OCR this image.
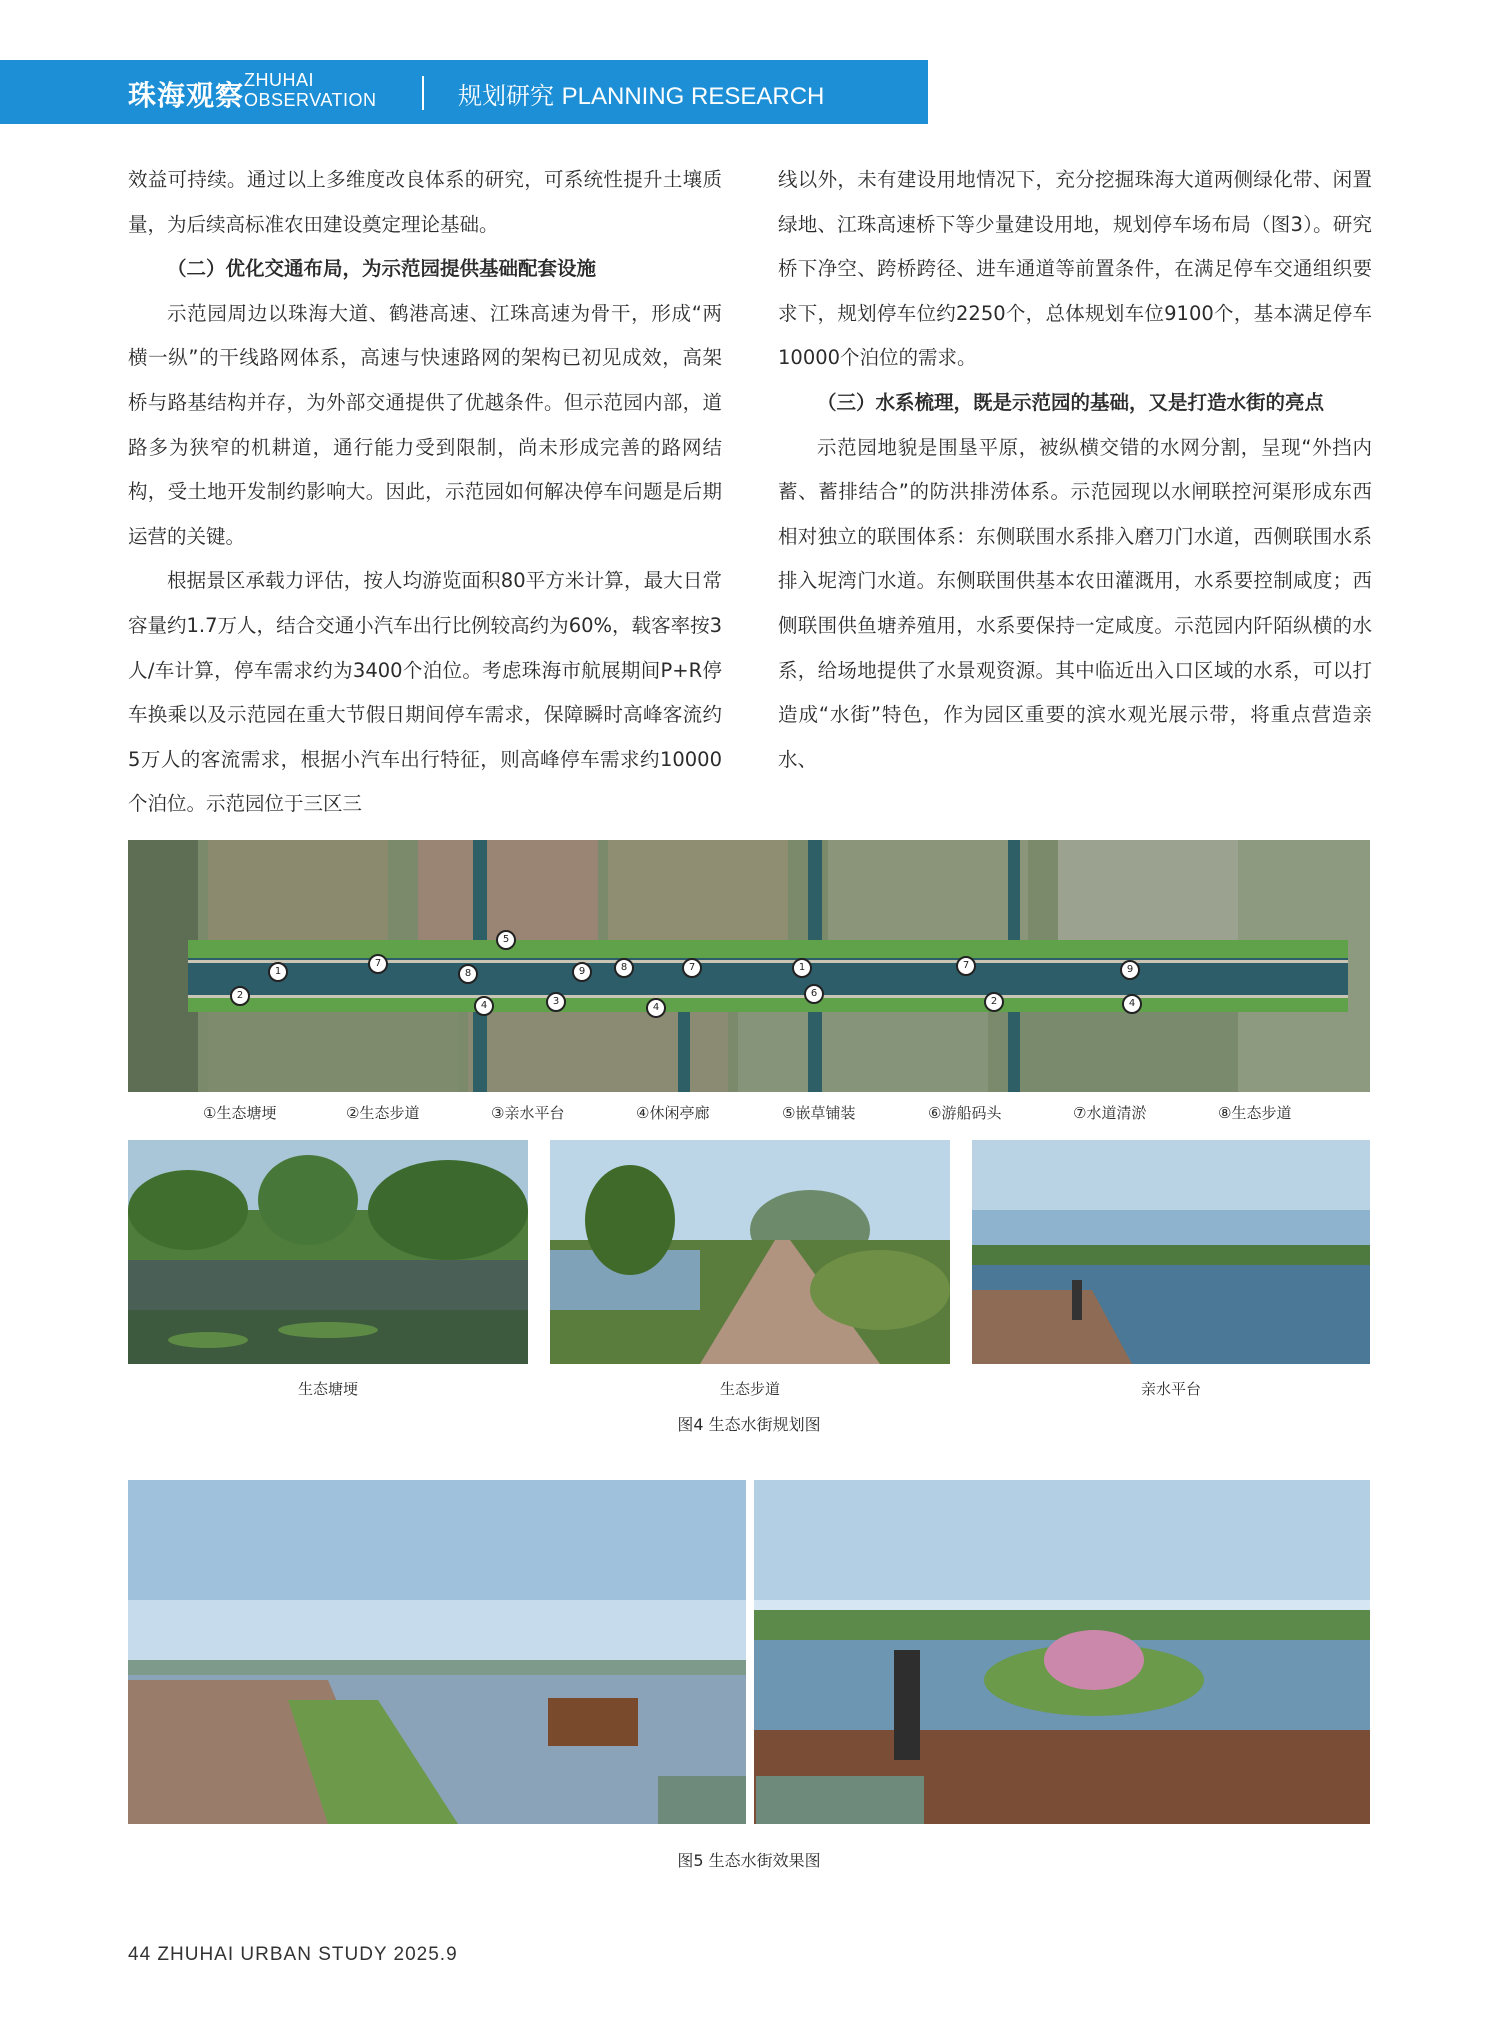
珠海观察 ZHUHAI
OBSERVATION	规划研究 PLANNING RESEARCH

效益可持续。通过以上多维度改良体系的研究，可系统性提升土壤质量，为后续高标准农田建设奠定理论基础。

（二）优化交通布局，为示范园提供基础配套设施

示范园周边以珠海大道、鹤港高速、江珠高速为骨干，形成“两横一纵”的干线路网体系，高速与快速路网的架构已初见成效，高架桥与路基结构并存，为外部交通提供了优越条件。但示范园内部，道路多为狭窄的机耕道，通行能力受到限制，尚未形成完善的路网结构，受土地开发制约影响大。因此，示范园如何解决停车问题是后期运营的关键。

根据景区承载力评估，按人均游览面积80平方米计算，最大日常容量约1.7万人，结合交通小汽车出行比例较高约为60%，载客率按3人/车计算，停车需求约为3400个泊位。考虑珠海市航展期间P+R停车换乘以及示范园在重大节假日期间停车需求，保障瞬时高峰客流约5万人的客流需求，根据小汽车出行特征，则高峰停车需求约10000个泊位。示范园位于三区三

线以外，未有建设用地情况下，充分挖掘珠海大道两侧绿化带、闲置绿地、江珠高速桥下等少量建设用地，规划停车场布局（图3）。研究桥下净空、跨桥跨径、进车通道等前置条件，在满足停车交通组织要求下，规划停车位约2250个，总体规划车位9100个，基本满足停车10000个泊位的需求。

（三）水系梳理，既是示范园的基础，又是打造水街的亮点

示范园地貌是围垦平原，被纵横交错的水网分割，呈现“外挡内蓄、蓄排结合”的防洪排涝体系。示范园现以水闸联控河渠形成东西相对独立的联围体系：东侧联围水系排入磨刀门水道，西侧联围水系排入坭湾门水道。东侧联围供基本农田灌溉用，水系要控制咸度；西侧联围供鱼塘养殖用，水系要保持一定咸度。示范园内阡陌纵横的水系，给场地提供了水景观资源。其中临近出入口区域的水系，可以打造成“水街”特色，作为园区重要的滨水观光展示带，将重点营造亲水、

1
2
7
8
5
4	3
9
4
8	7	1
6
7
2
9
4
①生态塘埂	②生态步道	③亲水平台	④休闲亭廊	⑤嵌草铺装	⑥游船码头	⑦水道清淤	⑧生态步道
生态塘埂	生态步道	亲水平台
图4 生态水街规划图
图5 生态水街效果图
44 ZHUHAI URBAN STUDY 2025.9
